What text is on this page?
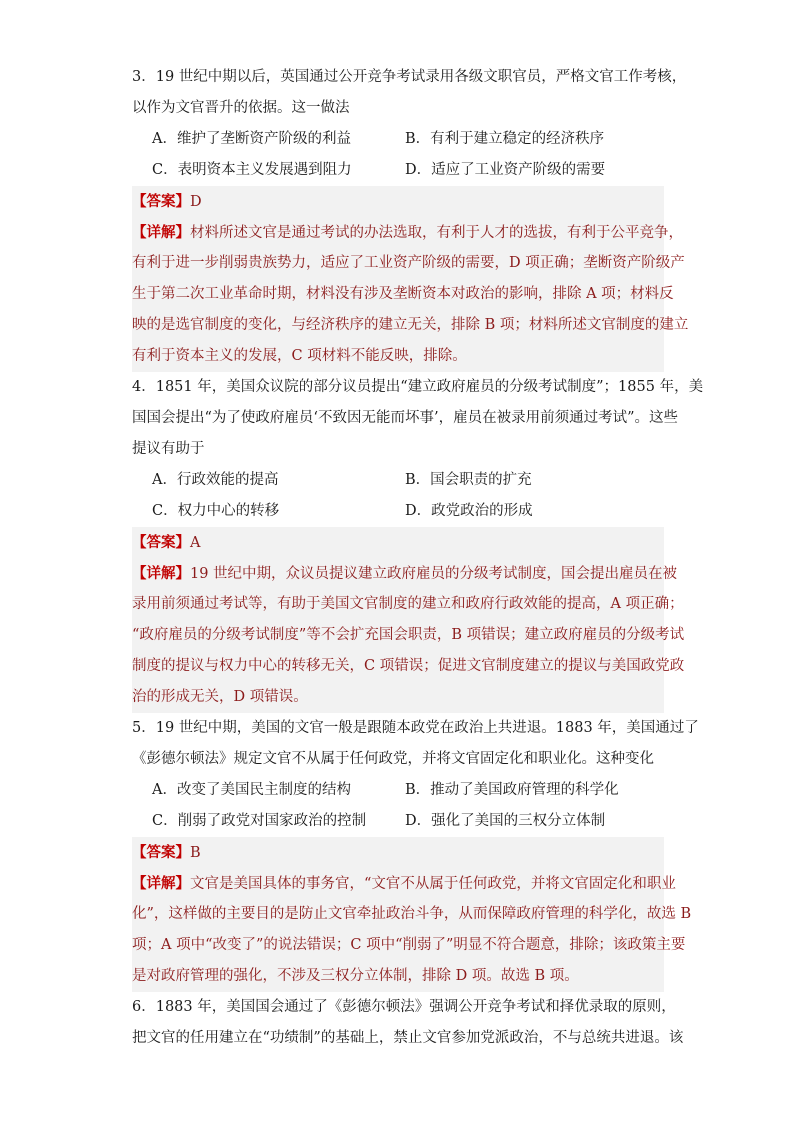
3．19 世纪中期以后，英国通过公开竞争考试录用各级文职官员，严格文官工作考核，
以作为文官晋升的依据。这一做法
A．维护了垄断资产阶级的利益	B．有利于建立稳定的经济秩序
C．表明资本主义发展遇到阻力	D．适应了工业资产阶级的需要
【答案】D
【详解】材料所述文官是通过考试的办法选取，有利于人才的选拔，有利于公平竞争，
有利于进一步削弱贵族势力，适应了工业资产阶级的需要，D 项正确；垄断资产阶级产
生于第二次工业革命时期，材料没有涉及垄断资本对政治的影响，排除 A 项；材料反
映的是选官制度的变化，与经济秩序的建立无关，排除 B 项；材料所述文官制度的建立
有利于资本主义的发展，C 项材料不能反映，排除。
4．1851 年，美国众议院的部分议员提出“建立政府雇员的分级考试制度”；1855 年，美
国国会提出“为了使政府雇员‘不致因无能而坏事’，雇员在被录用前须通过考试”。这些
提议有助于
A．行政效能的提高	B．国会职责的扩充
C．权力中心的转移	D．政党政治的形成
【答案】A
【详解】19 世纪中期，众议员提议建立政府雇员的分级考试制度，国会提出雇员在被
录用前须通过考试等，有助于美国文官制度的建立和政府行政效能的提高，A 项正确；
“政府雇员的分级考试制度”等不会扩充国会职责，B 项错误；建立政府雇员的分级考试
制度的提议与权力中心的转移无关，C 项错误；促进文官制度建立的提议与美国政党政
治的形成无关，D 项错误。
5．19 世纪中期，美国的文官一般是跟随本政党在政治上共进退。1883 年，美国通过了
《彭德尔顿法》规定文官不从属于任何政党，并将文官固定化和职业化。这种变化
A．改变了美国民主制度的结构	B．推动了美国政府管理的科学化
C．削弱了政党对国家政治的控制	D．强化了美国的三权分立体制
【答案】B
【详解】文官是美国具体的事务官，“文官不从属于任何政党，并将文官固定化和职业
化”，这样做的主要目的是防止文官牵扯政治斗争，从而保障政府管理的科学化，故选 B
项；A 项中“改变了”的说法错误；C 项中“削弱了”明显不符合题意，排除；该政策主要
是对政府管理的强化，不涉及三权分立体制，排除 D 项。故选 B 项。
6．1883 年，美国国会通过了《彭德尔顿法》强调公开竞争考试和择优录取的原则，
把文官的任用建立在“功绩制”的基础上，禁止文官参加党派政治，不与总统共进退。该
